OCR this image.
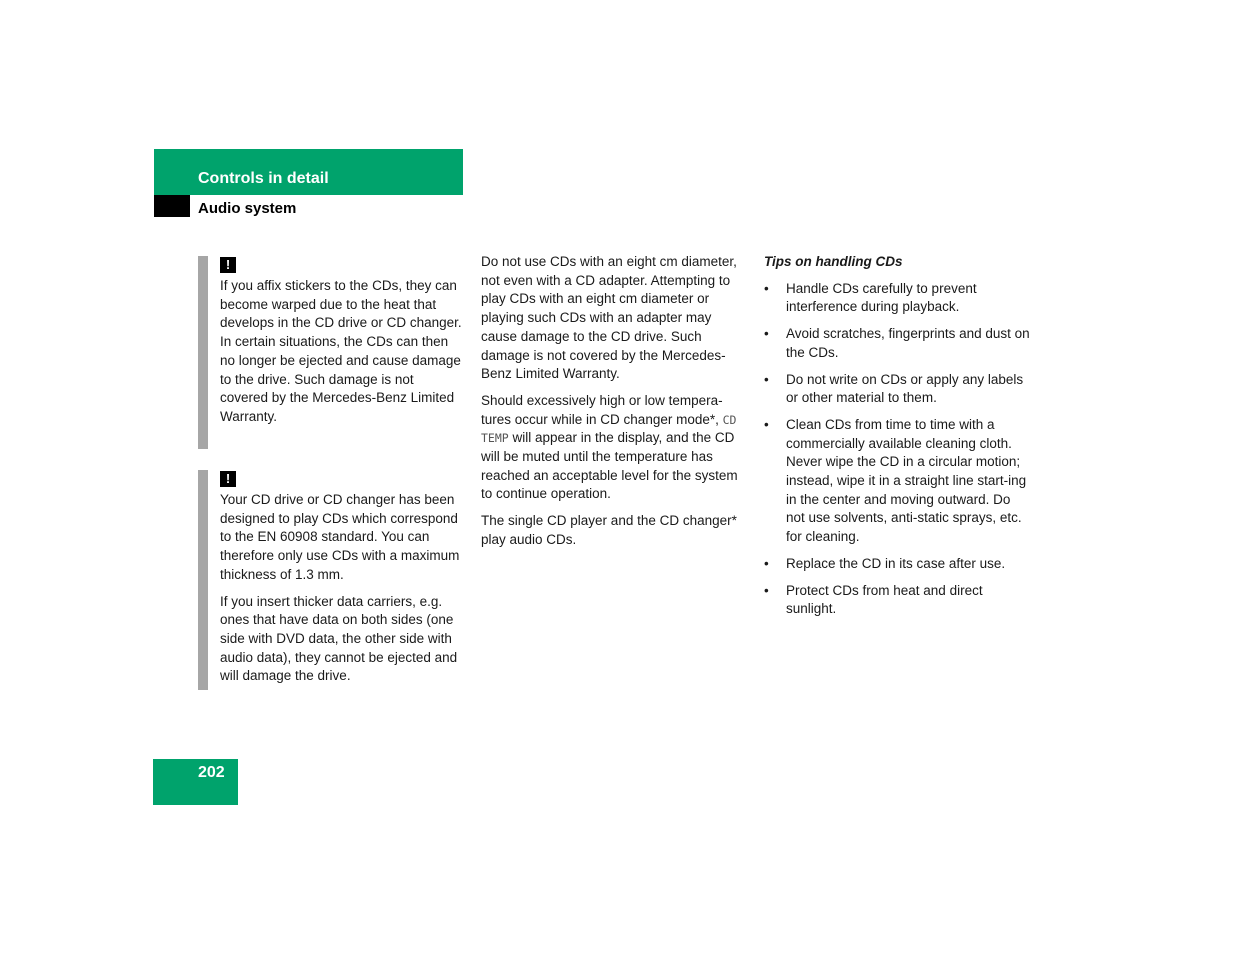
Controls in detail
Audio system
!

If you affix stickers to the CDs, they can become warped due to the heat that develops in the CD drive or CD changer.
In certain situations, the CDs can then no longer be ejected and cause damage to the drive. Such damage is not covered by the Mercedes-Benz Limited Warranty.

!

Your CD drive or CD changer has been designed to play CDs which correspond to the EN 60908 standard. You can therefore only use CDs with a maximum thickness of 1.3 mm.

If you insert thicker data carriers, e.g. ones that have data on both sides (one side with DVD data, the other side with audio data), they cannot be ejected and will damage the drive.

Do not use CDs with an eight cm diameter, not even with a CD adapter. Attempting to play CDs with an eight cm diameter or playing such CDs with an adapter may cause damage to the CD drive. Such damage is not covered by the Mercedes-Benz Limited Warranty.

Should excessively high or low tempera-tures occur while in CD changer mode*, CD TEMP will appear in the display, and the CD will be muted until the temperature has reached an acceptable level for the system to continue operation.

The single CD player and the CD changer* play audio CDs.

Tips on handling CDs

• Handle CDs carefully to prevent interference during playback.
• Avoid scratches, fingerprints and dust on the CDs.
• Do not write on CDs or apply any labels or other material to them.
• Clean CDs from time to time with a commercially available cleaning cloth. Never wipe the CD in a circular motion; instead, wipe it in a straight line start-ing in the center and moving outward. Do not use solvents, anti-static sprays, etc. for cleaning.
• Replace the CD in its case after use.
• Protect CDs from heat and direct sunlight.
202
